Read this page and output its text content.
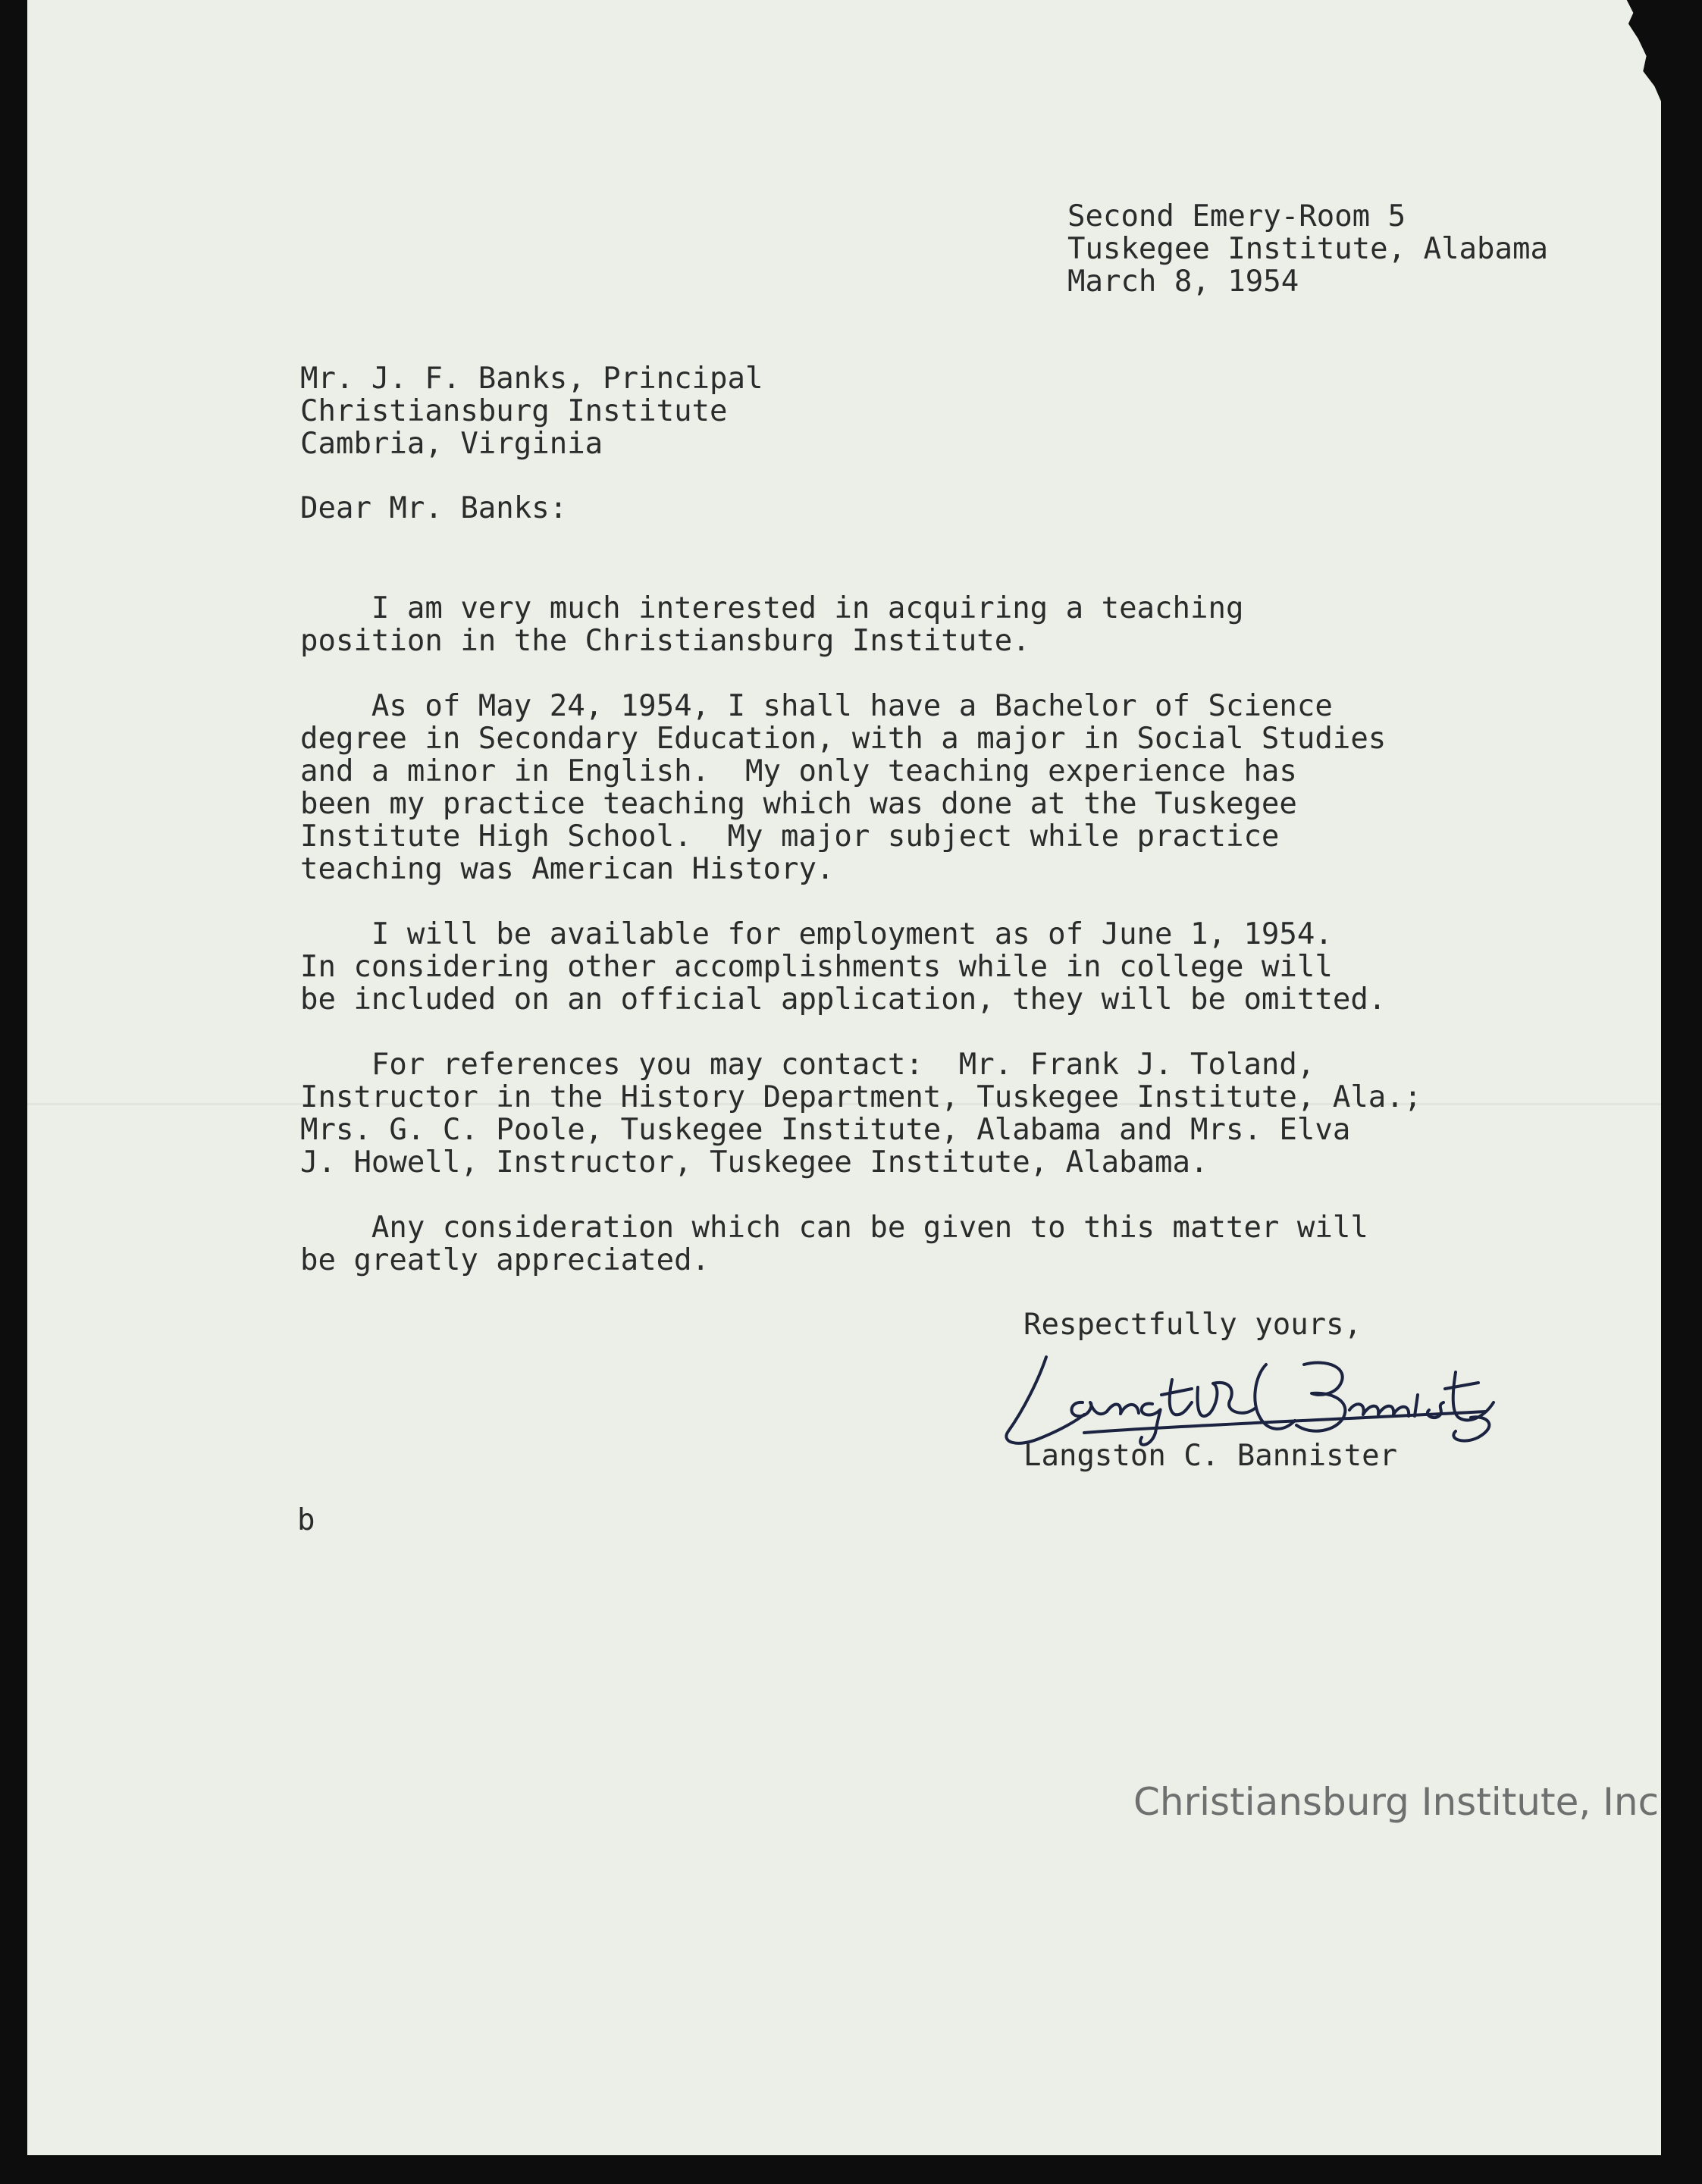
Second Emery-Room 5
Tuskegee Institute, Alabama
March 8, 1954
Mr. J. F. Banks, Principal
Christiansburg Institute
Cambria, Virginia
Dear Mr. Banks:

I am very much interested in acquiring a teaching
position in the Christiansburg Institute.
As of May 24, 1954, I shall have a Bachelor of Science
degree in Secondary Education, with a major in Social Studies
and a minor in English.  My only teaching experience has
been my practice teaching which was done at the Tuskegee
Institute High School.  My major subject while practice
teaching was American History.
I will be available for employment as of June 1, 1954.
In considering other accomplishments while in college will
be included on an official application, they will be omitted.
For references you may contact:  Mr. Frank J. Toland,
Instructor in the History Department, Tuskegee Institute, Ala.;
Mrs. G. C. Poole, Tuskegee Institute, Alabama and Mrs. Elva
J. Howell, Instructor, Tuskegee Institute, Alabama.
Any consideration which can be given to this matter will
be greatly appreciated.

Respectfully yours,
Langston C. Bannister
b
Christiansburg Institute, Inc
